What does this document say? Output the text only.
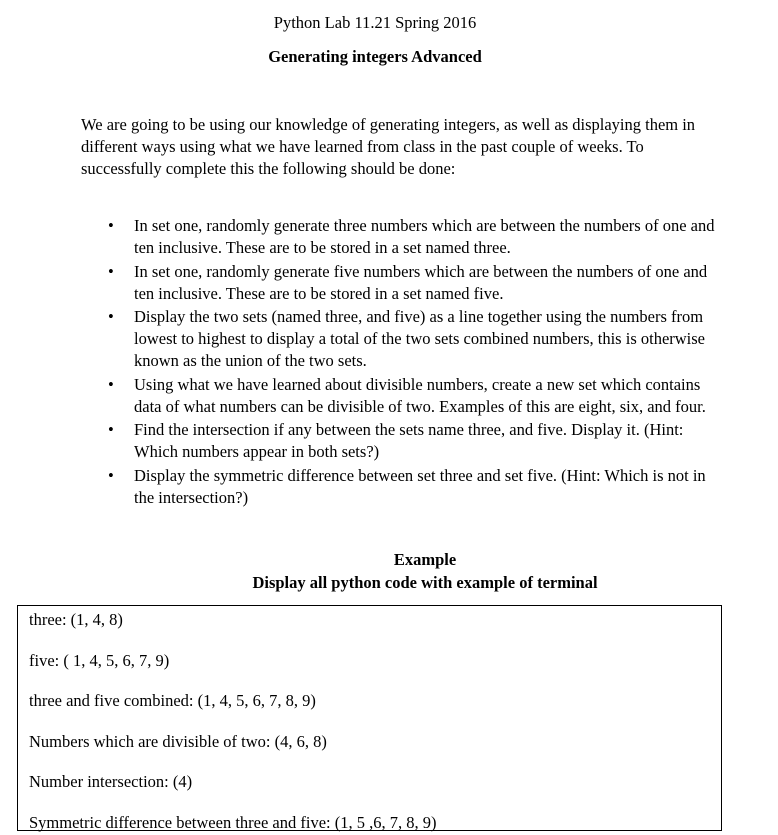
Python Lab 11.21 Spring 2016
Generating integers Advanced
We are going to be using our knowledge of generating integers, as well as displaying them in different ways using what we have learned from class in the past couple of weeks. To successfully complete this the following should be done:
• In set one, randomly generate three numbers which are between the numbers of one and ten inclusive. These are to be stored in a set named three.
• In set one, randomly generate five numbers which are between the numbers of one and ten inclusive. These are to be stored in a set named five.
• Display the two sets (named three, and five) as a line together using the numbers from lowest to highest to display a total of the two sets combined numbers, this is otherwise known as the union of the two sets.
• Using what we have learned about divisible numbers, create a new set which contains data of what numbers can be divisible of two. Examples of this are eight, six, and four.
• Find the intersection if any between the sets name three, and five. Display it. (Hint: Which numbers appear in both sets?)
• Display the symmetric difference between set three and set five. (Hint: Which is not in the intersection?)
Example
Display all python code with example of terminal
three: (1, 4, 8)
five: ( 1, 4, 5, 6, 7, 9)
three and five combined: (1, 4, 5, 6, 7, 8, 9)
Numbers which are divisible of two: (4, 6, 8)
Number intersection: (4)
Symmetric difference between three and five: (1, 5 ,6, 7, 8, 9)
